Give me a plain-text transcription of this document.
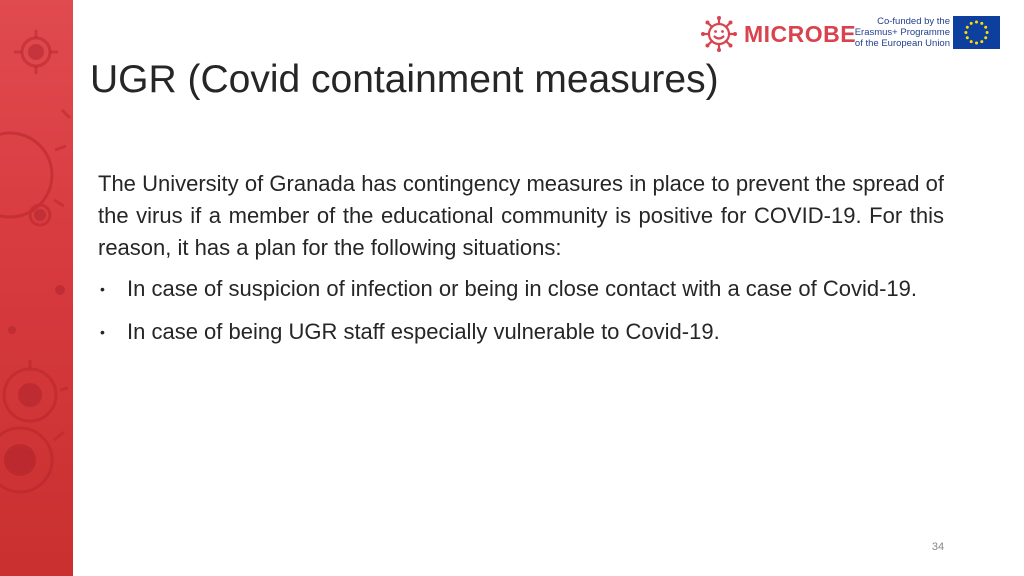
MICROBE	Co-funded by the
Erasmus+ Programme
of the European Union
UGR (Covid containment measures)

The University of Granada has contingency measures in place to prevent the spread of the virus if a member of the educational community is positive for COVID-19. For this reason, it has a plan for the following situations:

• In case of suspicion of infection or being in close contact with a case of Covid-19.
• In case of being UGR staff especially vulnerable to Covid-19.
34
